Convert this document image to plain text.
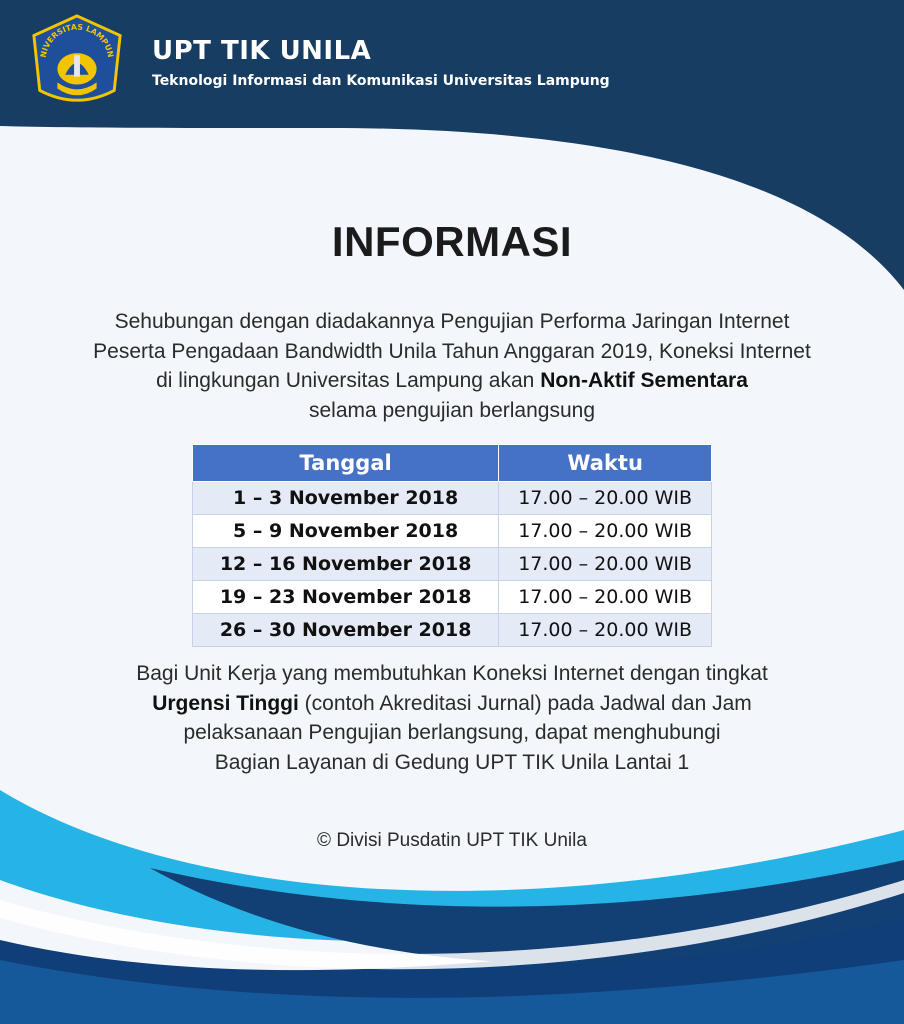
NIVERSITAS LAMPUN UPT TIK UNILA
Teknologi Informasi dan Komunikasi Universitas Lampung
INFORMASI

Sehubungan dengan diadakannya Pengujian Performa Jaringan Internet

Peserta Pengadaan Bandwidth Unila Tahun Anggaran 2019, Koneksi Internet

di lingkungan Universitas Lampung akan Non-Aktif Sementara

selama pengujian berlangsung

Tanggal	Waktu
1 – 3 November 2018	17.00 – 20.00 WIB
5 – 9 November 2018	17.00 – 20.00 WIB
12 – 16 November 2018	17.00 – 20.00 WIB
19 – 23 November 2018	17.00 – 20.00 WIB
26 – 30 November 2018	17.00 – 20.00 WIB

Bagi Unit Kerja yang membutuhkan Koneksi Internet dengan tingkat

Urgensi Tinggi (contoh Akreditasi Jurnal) pada Jadwal dan Jam

pelaksanaan Pengujian berlangsung, dapat menghubungi

Bagian Layanan di Gedung UPT TIK Unila Lantai 1

© Divisi Pusdatin UPT TIK Unila
